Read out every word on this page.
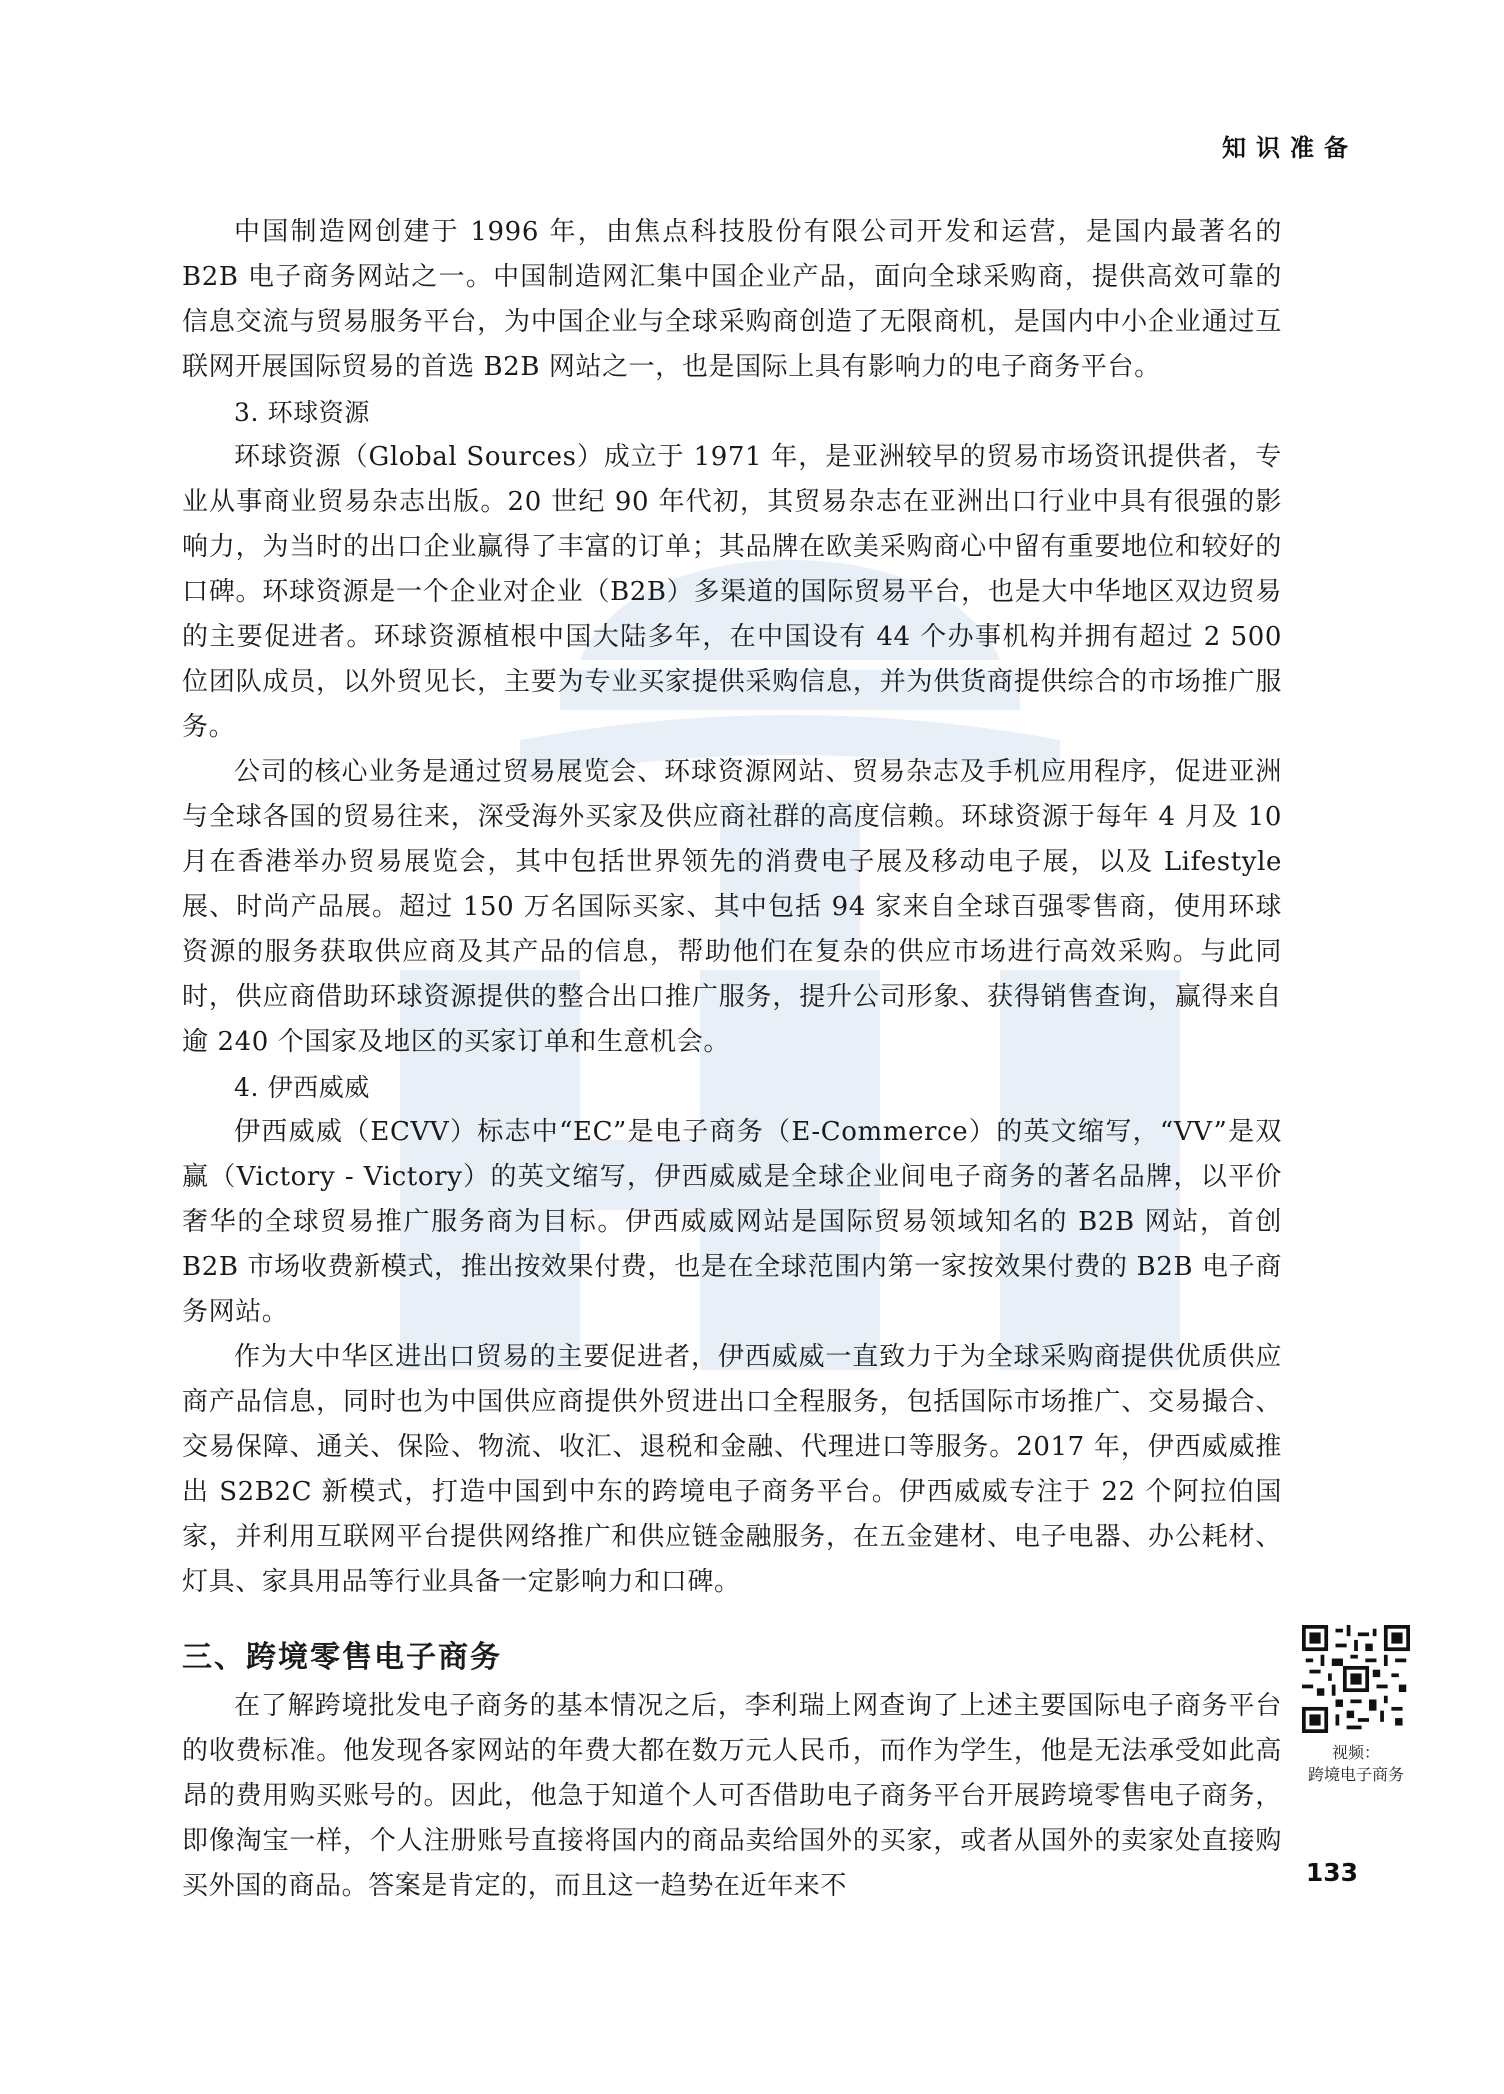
知识准备

中国制造网创建于 1996 年，由焦点科技股份有限公司开发和运营，是国内最著名的 B2B 电子商务网站之一。中国制造网汇集中国企业产品，面向全球采购商，提供高效可靠的信息交流与贸易服务平台，为中国企业与全球采购商创造了无限商机，是国内中小企业通过互联网开展国际贸易的首选 B2B 网站之一，也是国际上具有影响力的电子商务平台。

3. 环球资源

环球资源（Global Sources）成立于 1971 年，是亚洲较早的贸易市场资讯提供者，专业从事商业贸易杂志出版。20 世纪 90 年代初，其贸易杂志在亚洲出口行业中具有很强的影响力，为当时的出口企业赢得了丰富的订单；其品牌在欧美采购商心中留有重要地位和较好的口碑。环球资源是一个企业对企业（B2B）多渠道的国际贸易平台，也是大中华地区双边贸易的主要促进者。环球资源植根中国大陆多年，在中国设有 44 个办事机构并拥有超过 2 500 位团队成员，以外贸见长，主要为专业买家提供采购信息，并为供货商提供综合的市场推广服务。

公司的核心业务是通过贸易展览会、环球资源网站、贸易杂志及手机应用程序，促进亚洲与全球各国的贸易往来，深受海外买家及供应商社群的高度信赖。环球资源于每年 4 月及 10 月在香港举办贸易展览会，其中包括世界领先的消费电子展及移动电子展，以及 Lifestyle 展、时尚产品展。超过 150 万名国际买家、其中包括 94 家来自全球百强零售商，使用环球资源的服务获取供应商及其产品的信息，帮助他们在复杂的供应市场进行高效采购。与此同时，供应商借助环球资源提供的整合出口推广服务，提升公司形象、获得销售查询，赢得来自逾 240 个国家及地区的买家订单和生意机会。

4. 伊西威威

伊西威威（ECVV）标志中“EC”是电子商务（E-Commerce）的英文缩写，“VV”是双赢（Victory - Victory）的英文缩写，伊西威威是全球企业间电子商务的著名品牌，以平价奢华的全球贸易推广服务商为目标。伊西威威网站是国际贸易领域知名的 B2B 网站，首创 B2B 市场收费新模式，推出按效果付费，也是在全球范围内第一家按效果付费的 B2B 电子商务网站。

作为大中华区进出口贸易的主要促进者，伊西威威一直致力于为全球采购商提供优质供应商产品信息，同时也为中国供应商提供外贸进出口全程服务，包括国际市场推广、交易撮合、交易保障、通关、保险、物流、收汇、退税和金融、代理进口等服务。2017 年，伊西威威推出 S2B2C 新模式，打造中国到中东的跨境电子商务平台。伊西威威专注于 22 个阿拉伯国家，并利用互联网平台提供网络推广和供应链金融服务，在五金建材、电子电器、办公耗材、灯具、家具用品等行业具备一定影响力和口碑。

三、跨境零售电子商务

在了解跨境批发电子商务的基本情况之后，李利瑞上网查询了上述主要国际电子商务平台的收费标准。他发现各家网站的年费大都在数万元人民币，而作为学生，他是无法承受如此高昂的费用购买账号的。因此，他急于知道个人可否借助电子商务平台开展跨境零售电子商务，即像淘宝一样，个人注册账号直接将国内的商品卖给国外的买家，或者从国外的卖家处直接购买外国的商品。答案是肯定的，而且这一趋势在近年来不

视频：
跨境电子商务
133
